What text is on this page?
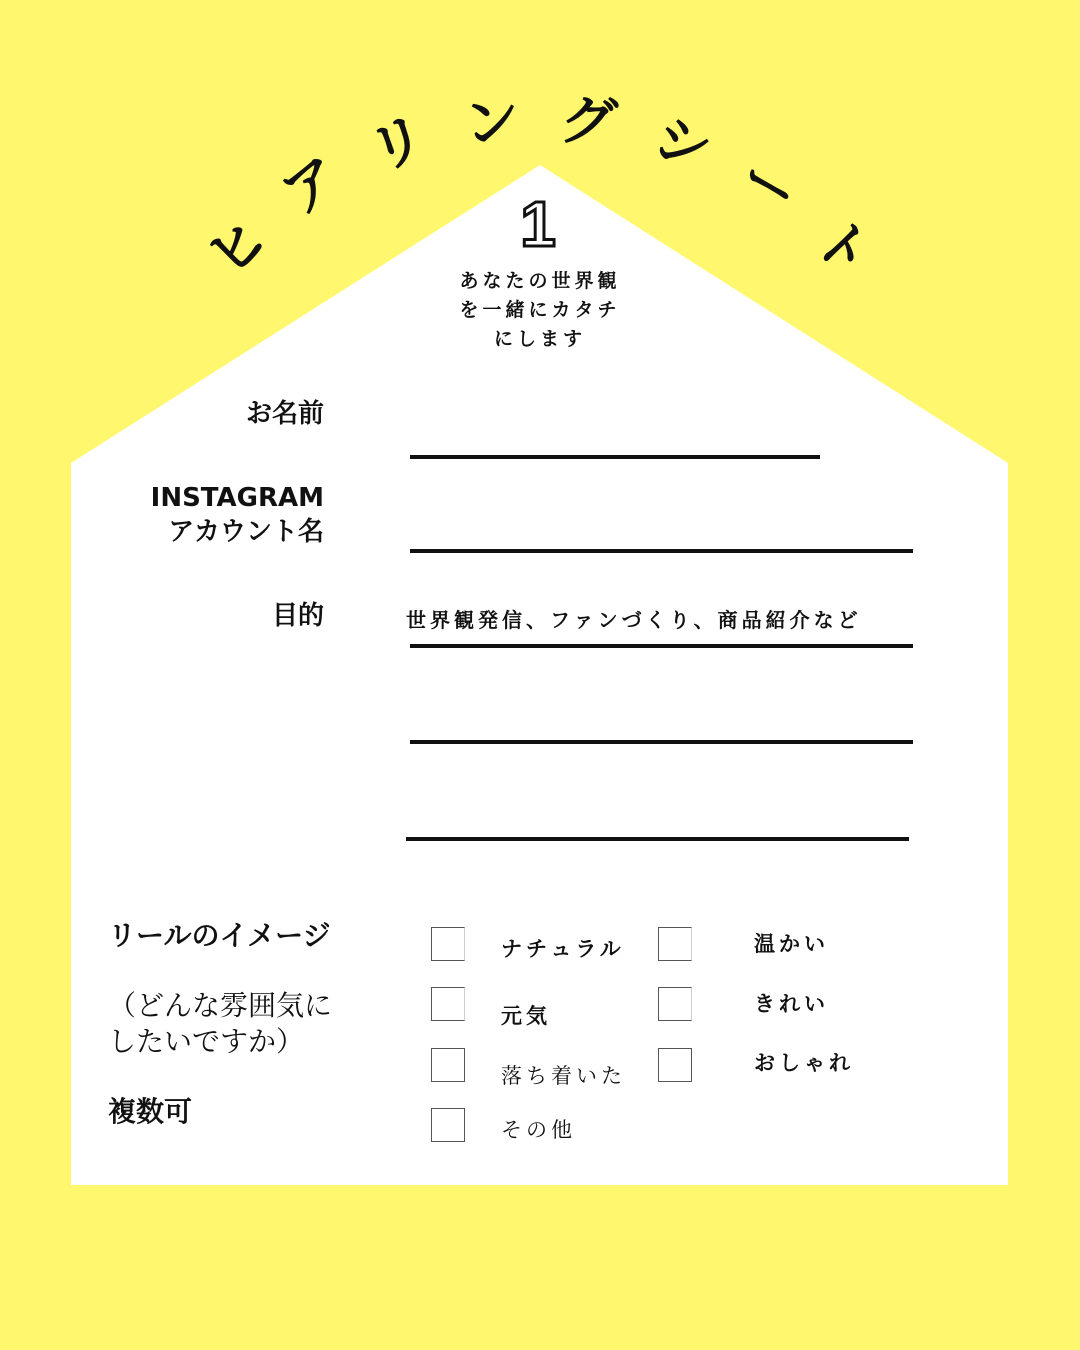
ヒ
ア
リ ン グ シ
ー
ト
1
あなたの世界観
を一緒にカタチ
にします
お名前
INSTAGRAM
アカウント名
目的	世界観発信、ファンづくり、商品紹介など
リールのイメージ
（どんな雰囲気に
したいですか）
複数可
ナチュラル
元気
落ち着いた
その他
温かい
きれい
おしゃれ
